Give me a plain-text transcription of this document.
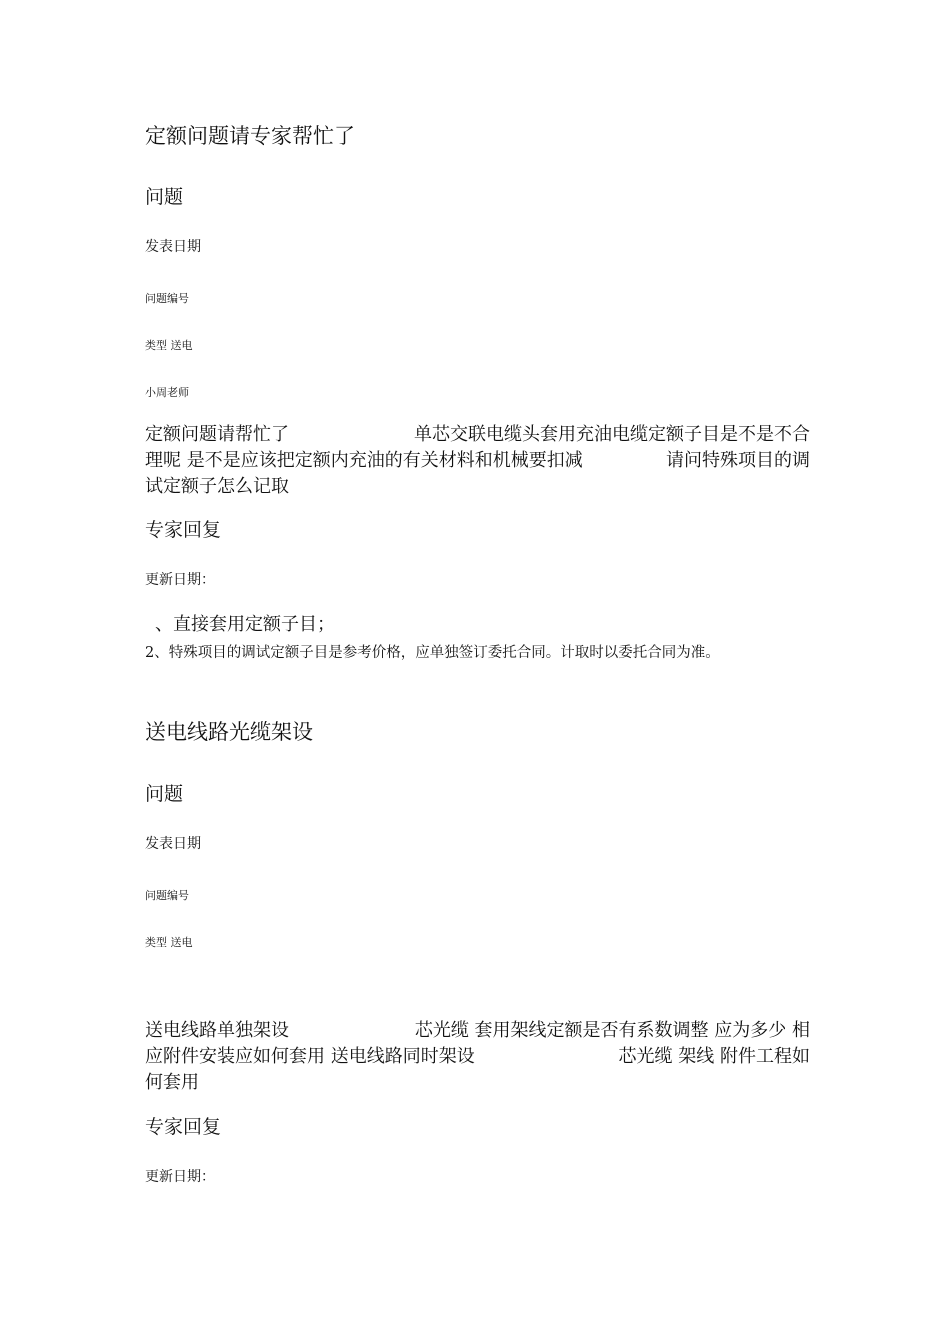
定额问题请专家帮忙了
问题
发表日期
问题编号
类型 送电
小周老师
定额问题请帮忙了	单芯交联电缆头套用充油电缆定额子目是不是不合
理呢 是不是应该把定额内充油的有关材料和机械要扣减	请问特殊项目的调
试定额子怎么记取
专家回复
更新日期：
、直接套用定额子目；
2、特殊项目的调试定额子目是参考价格，应单独签订委托合同。计取时以委托合同为准。
送电线路光缆架设
问题
发表日期
问题编号
类型 送电
送电线路单独架设	芯光缆 套用架线定额是否有系数调整 应为多少 相
应附件安装应如何套用 送电线路同时架设	芯光缆 架线 附件工程如
何套用
专家回复
更新日期：
